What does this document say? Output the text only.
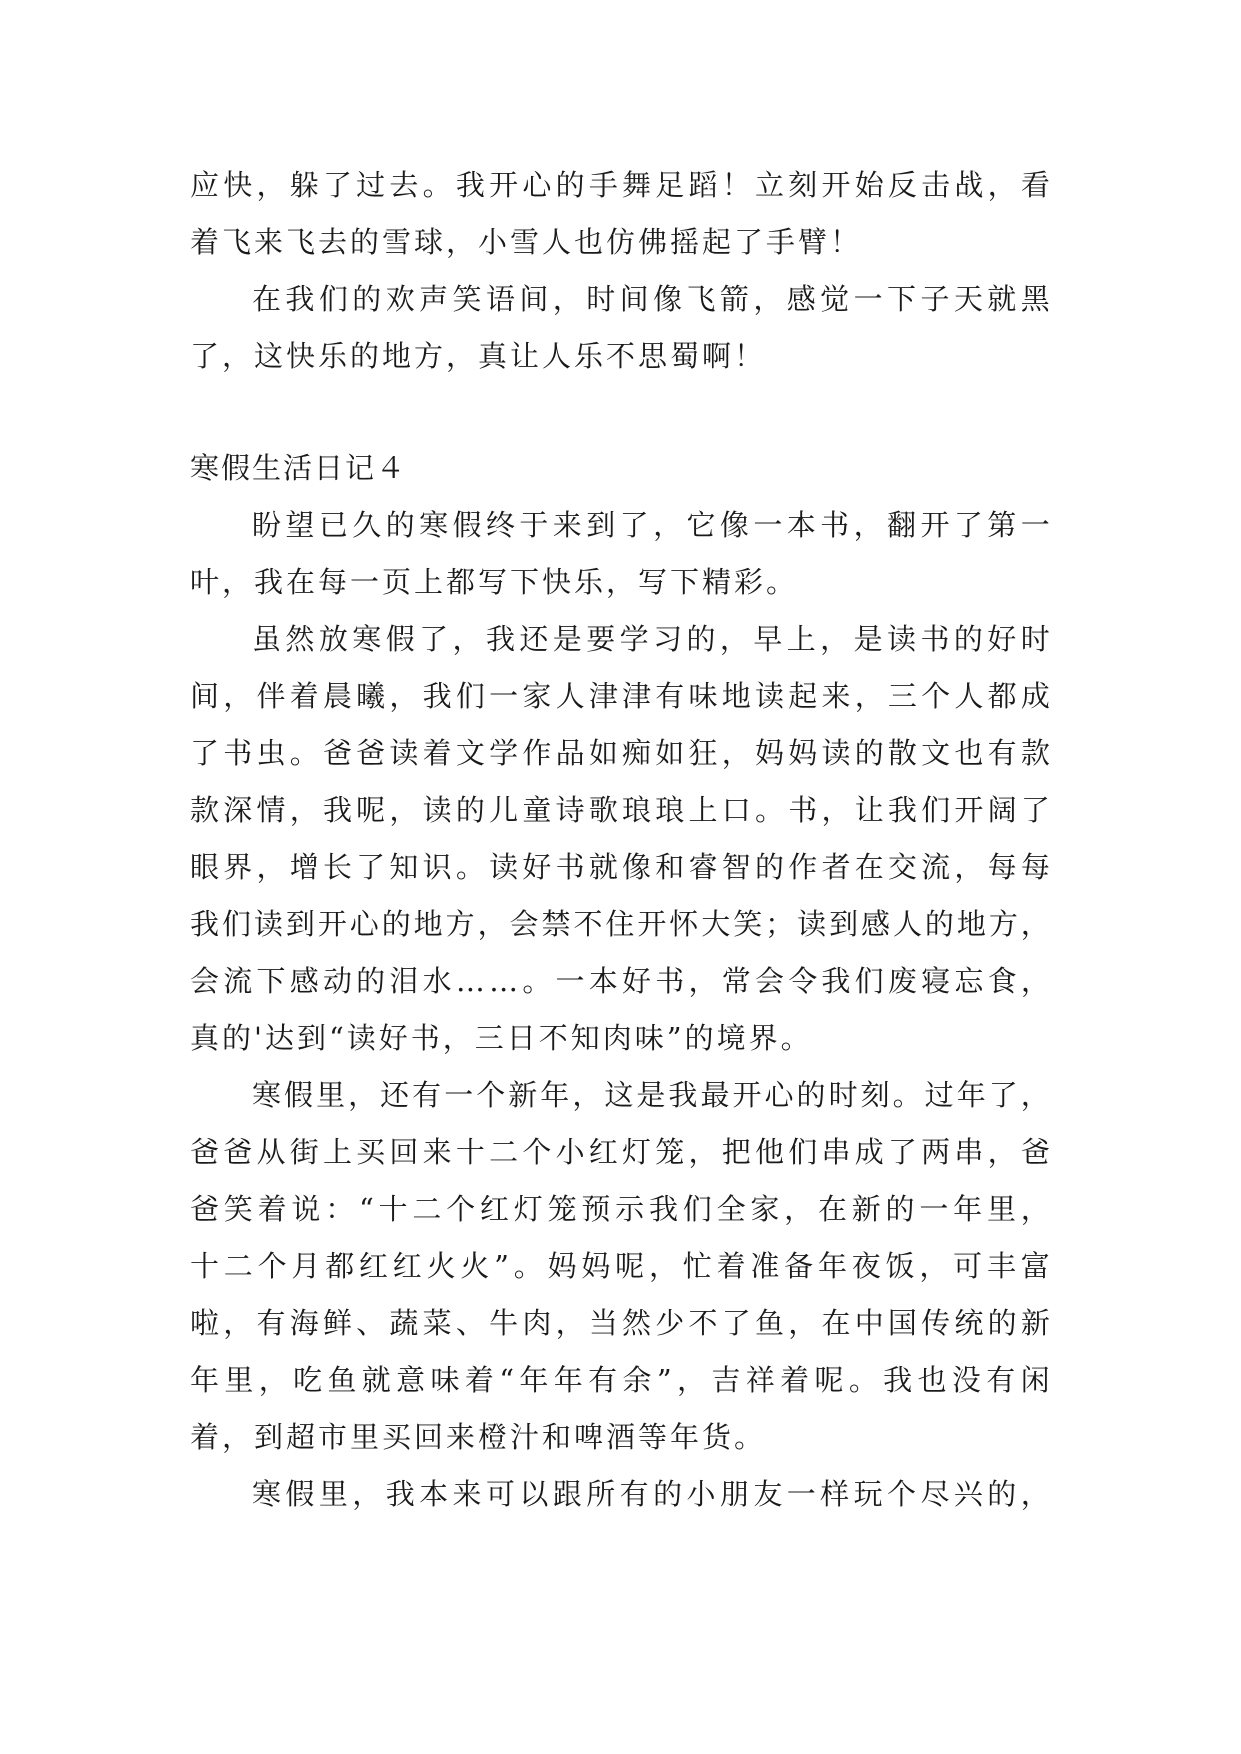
应 快 ， 躲 了 过 去 。 我 开 心 的 手 舞 足 蹈 ！ 立 刻 开 始 反 击 战 ， 看
着飞来飞去的雪球，小雪人也仿佛摇起了手臂！
在 我 们 的 欢 声 笑 语 间 ， 时 间 像 飞 箭 ， 感 觉 一 下 子 天 就 黑
了，这快乐的地方，真让人乐不思蜀啊！
寒假生活日记４
盼 望 已 久 的 寒 假 终 于 来 到 了 ， 它 像 一 本 书 ， 翻 开 了 第 一
叶，我在每一页上都写下快乐，写下精彩。
虽 然 放 寒 假 了 ， 我 还 是 要 学 习 的 ， 早 上 ， 是 读 书 的 好 时
间 ， 伴 着 晨 曦 ， 我 们 一 家 人 津 津 有 味 地 读 起 来 ， 三 个 人 都 成
了 书 虫 。 爸 爸 读 着 文 学 作 品 如 痴 如 狂 ， 妈 妈 读 的 散 文 也 有 款
款 深 情 ， 我 呢 ， 读 的 儿 童 诗 歌 琅 琅 上 口 。 书 ， 让 我 们 开 阔 了
眼 界 ， 增 长 了 知 识 。 读 好 书 就 像 和 睿 智 的 作 者 在 交 流 ， 每 每
我 们 读 到 开 心 的 地 方 ， 会 禁 不 住 开 怀 大 笑 ； 读 到 感 人 的 地 方 ，
会 流 下 感 动 的 泪 水 … … 。 一 本 好 书 ， 常 会 令 我 们 废 寝 忘 食 ，
真的'达到“读好书，三日不知肉味”的境界。
寒 假 里 ， 还 有 一 个 新 年 ， 这 是 我 最 开 心 的 时 刻 。 过 年 了 ，
爸 爸 从 街 上 买 回 来 十 二 个 小 红 灯 笼 ， 把 他 们 串 成 了 两 串 ， 爸
爸 笑 着 说 ： “ 十 二 个 红 灯 笼 预 示 我 们 全 家 ， 在 新 的 一 年 里 ，
十 二 个 月 都 红 红 火 火 ” 。 妈 妈 呢 ， 忙 着 准 备 年 夜 饭 ， 可 丰 富
啦 ， 有 海 鲜 、 蔬 菜 、 牛 肉 ， 当 然 少 不 了 鱼 ， 在 中 国 传 统 的 新
年 里 ， 吃 鱼 就 意 味 着 “ 年 年 有 余 ” ， 吉 祥 着 呢 。 我 也 没 有 闲
着，到超市里买回来橙汁和啤酒等年货。
寒 假 里 ， 我 本 来 可 以 跟 所 有 的 小 朋 友 一 样 玩 个 尽 兴 的 ，
